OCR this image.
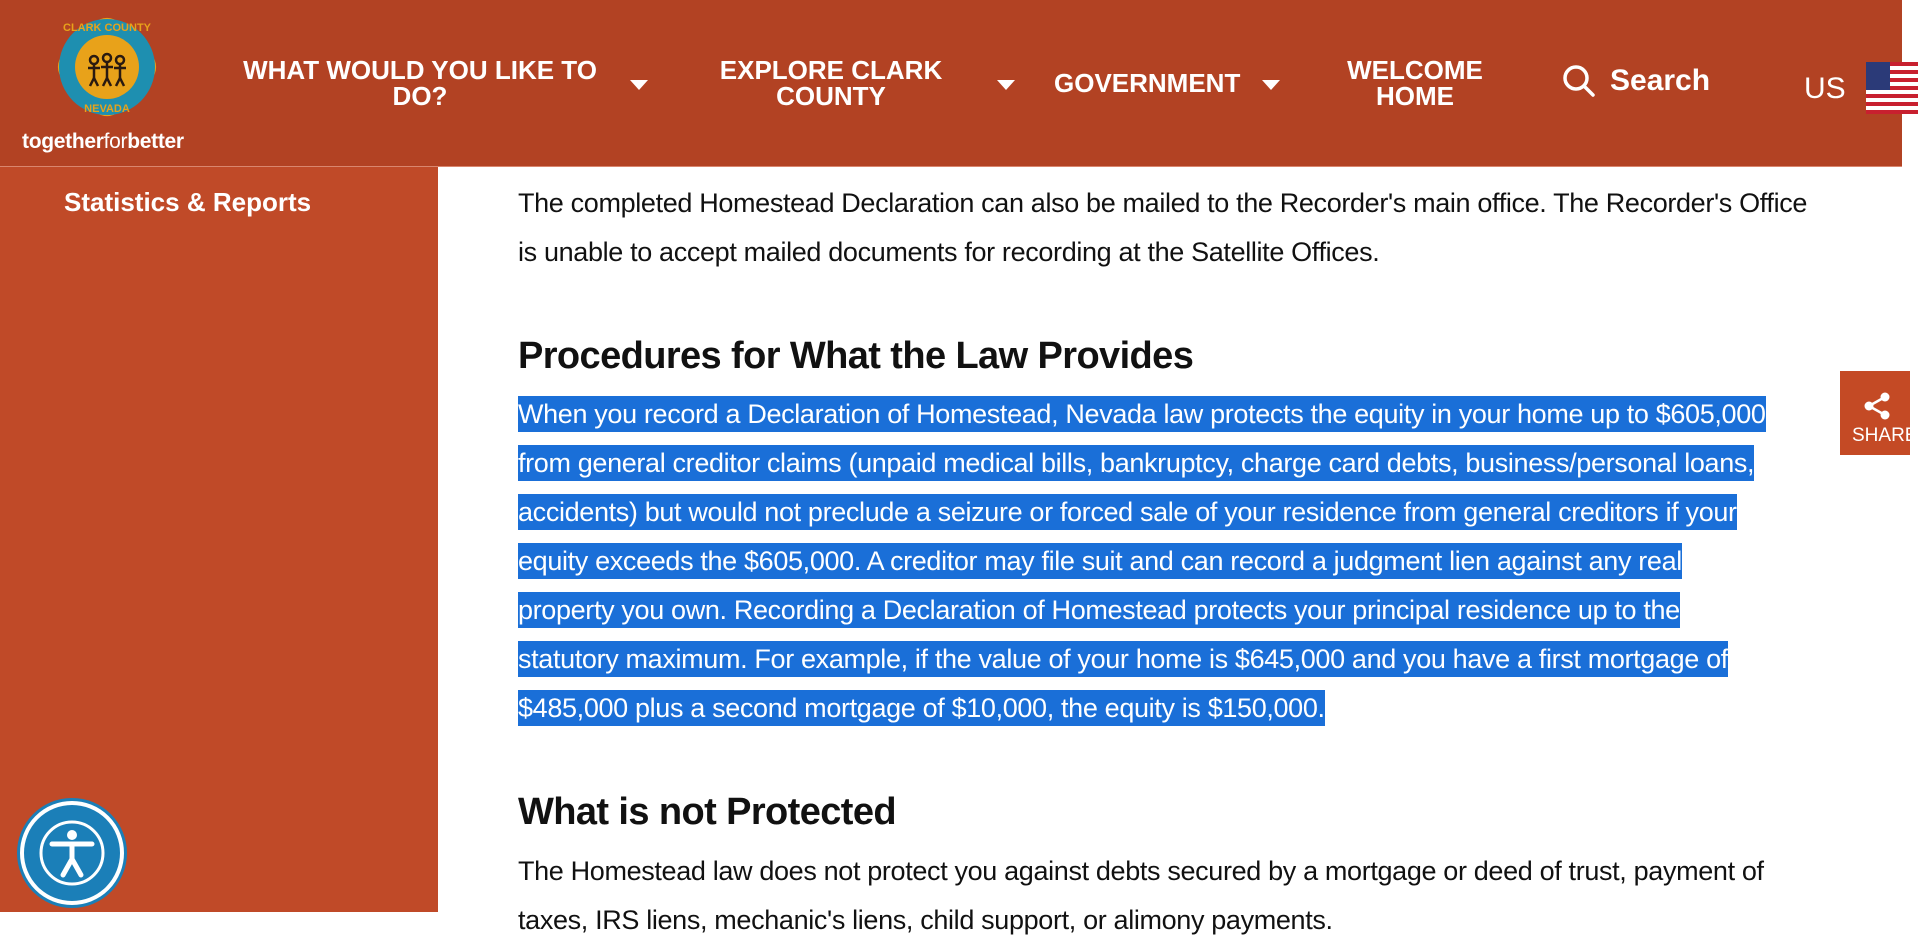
CLARK COUNTY
NEVADA
togetherforbetter
WHAT WOULD YOU LIKE TO DO?
EXPLORE CLARK COUNTY	GOVERNMENT	WELCOME HOME	Search	US
Statistics & Reports	The completed Homestead Declaration can also be mailed to the Recorder's main office. The Recorder's Office is unable to accept mailed documents for recording at the Satellite Offices.

Procedures for What the Law Provides
When you record a Declaration of Homestead, Nevada law protects the equity in your home up to $605,000
from general creditor claims (unpaid medical bills, bankruptcy, charge card debts, business/personal loans,
accidents) but would not preclude a seizure or forced sale of your residence from general creditors if your
equity exceeds the $605,000. A creditor may file suit and can record a judgment lien against any real
property you own. Recording a Declaration of Homestead protects your principal residence up to the
statutory maximum. For example, if the value of your home is $645,000 and you have a first mortgage of
$485,000 plus a second mortgage of $10,000, the equity is $150,000.
What is not Protected
The Homestead law does not protect you against debts secured by a mortgage or deed of trust, payment of
taxes, IRS liens, mechanic's liens, child support, or alimony payments.
SHARE
